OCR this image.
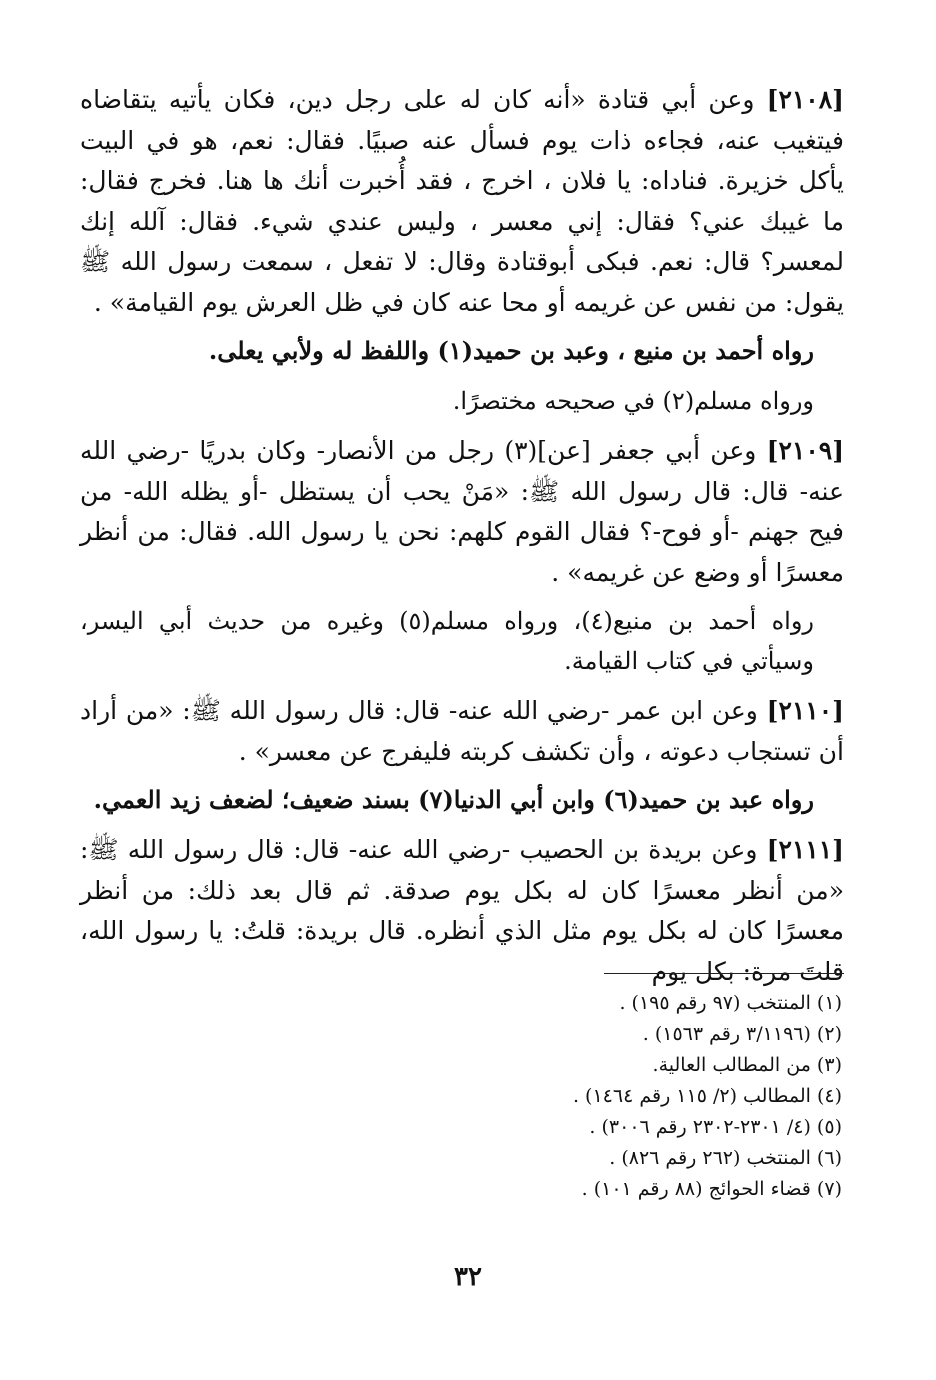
[٢١٠٨] وعن أبي قتادة «أنه كان له على رجل دين، فكان يأتيه يتقاضاه فيتغيب عنه، فجاءه ذات يوم فسأل عنه صبيًا. فقال: نعم، هو في البيت يأكل خزيرة. فناداه: يا فلان ، اخرج ، فقد أُخبرت أنك ها هنا. فخرج فقال: ما غيبك عني؟ فقال: إني معسر ، وليس عندي شيء. فقال: آلله إنك لمعسر؟ قال: نعم. فبكى أبوقتادة وقال: لا تفعل ، سمعت رسول الله ﷺ يقول: من نفس عن غريمه أو محا عنه كان في ظل العرش يوم القيامة» .

رواه أحمد بن منيع ، وعبد بن حميد(١) واللفظ له ولأبي يعلى.

ورواه مسلم(٢) في صحيحه مختصرًا.

[٢١٠٩] وعن أبي جعفر [عن](٣) رجل من الأنصار- وكان بدريًا -رضي الله عنه- قال: قال رسول الله ﷺ: «مَنْ يحب أن يستظل -أو يظله الله- من فيح جهنم -أو فوح-؟ فقال القوم كلهم: نحن يا رسول الله. فقال: من أنظر معسرًا أو وضع عن غريمه» .

رواه أحمد بن منيع(٤)، ورواه مسلم(٥) وغيره من حديث أبي اليسر، وسيأتي في كتاب القيامة.

[٢١١٠] وعن ابن عمر -رضي الله عنه- قال: قال رسول الله ﷺ: «من أراد أن تستجاب دعوته ، وأن تكشف كربته فليفرج عن معسر» .

رواه عبد بن حميد(٦) وابن أبي الدنيا(٧) بسند ضعيف؛ لضعف زيد العمي.

[٢١١١] وعن بريدة بن الحصيب -رضي الله عنه- قال: قال رسول الله ﷺ: «من أنظر معسرًا كان له بكل يوم صدقة. ثم قال بعد ذلك: من أنظر معسرًا كان له بكل يوم مثل الذي أنظره. قال بريدة: قلتُ: يا رسول الله، قلتَ مرة: بكل يوم

(١) المنتخب (٩٧ رقم ١٩٥) .

(٢) (٣/١١٩٦ رقم ١٥٦٣) .

(٣) من المطالب العالية.

(٤) المطالب (٢/ ١١٥ رقم ١٤٦٤) .

(٥) (٤/ ٢٣٠١-٢٣٠٢ رقم ٣٠٠٦) .

(٦) المنتخب (٢٦٢ رقم ٨٢٦) .

(٧) قضاء الحوائج (٨٨ رقم ١٠١) .

٣٢
